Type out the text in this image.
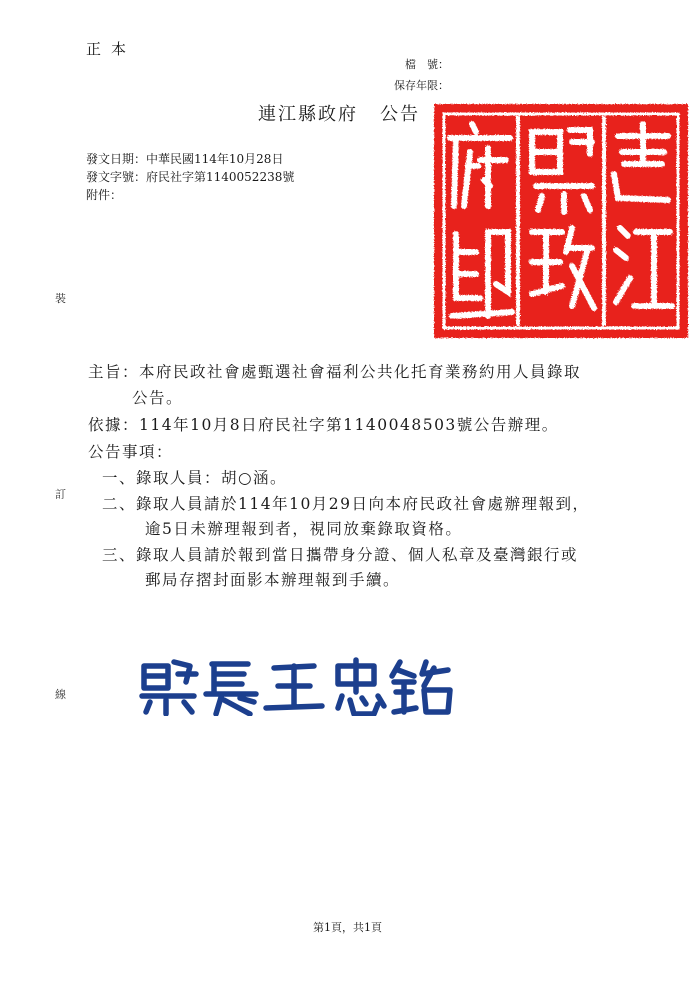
正本
檔　號：
保存年限：
連江縣政府 公告
發文日期：中華民國114年10月28日
發文字號：府民社字第1140052238號
附件：
裝
訂
線
主旨：本府民政社會處甄選社會福利公共化托育業務約用人員錄取
公告。
依據：114年10月8日府民社字第1140048503號公告辦理。
公告事項：
一、錄取人員：胡○涵。
二、錄取人員請於114年10月29日向本府民政社會處辦理報到，
逾5日未辦理報到者，視同放棄錄取資格。
三、錄取人員請於報到當日攜帶身分證、個人私章及臺灣銀行或
郵局存摺封面影本辦理報到手續。
第1頁，共1頁
